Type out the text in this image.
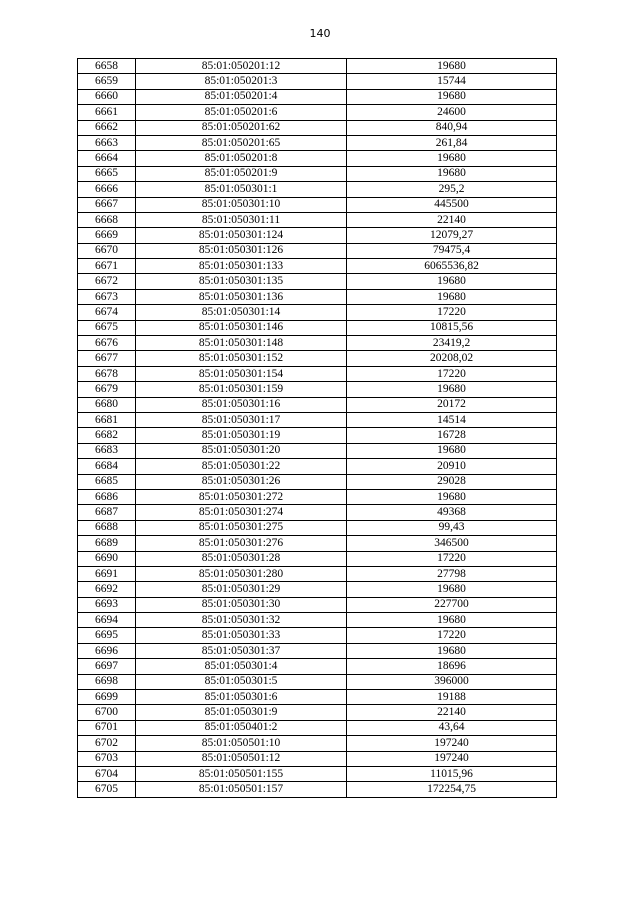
140
6658	85:01:050201:12	19680
6659	85:01:050201:3	15744
6660	85:01:050201:4	19680
6661	85:01:050201:6	24600
6662	85:01:050201:62	840,94
6663	85:01:050201:65	261,84
6664	85:01:050201:8	19680
6665	85:01:050201:9	19680
6666	85:01:050301:1	295,2
6667	85:01:050301:10	445500
6668	85:01:050301:11	22140
6669	85:01:050301:124	12079,27
6670	85:01:050301:126	79475,4
6671	85:01:050301:133	6065536,82
6672	85:01:050301:135	19680
6673	85:01:050301:136	19680
6674	85:01:050301:14	17220
6675	85:01:050301:146	10815,56
6676	85:01:050301:148	23419,2
6677	85:01:050301:152	20208,02
6678	85:01:050301:154	17220
6679	85:01:050301:159	19680
6680	85:01:050301:16	20172
6681	85:01:050301:17	14514
6682	85:01:050301:19	16728
6683	85:01:050301:20	19680
6684	85:01:050301:22	20910
6685	85:01:050301:26	29028
6686	85:01:050301:272	19680
6687	85:01:050301:274	49368
6688	85:01:050301:275	99,43
6689	85:01:050301:276	346500
6690	85:01:050301:28	17220
6691	85:01:050301:280	27798
6692	85:01:050301:29	19680
6693	85:01:050301:30	227700
6694	85:01:050301:32	19680
6695	85:01:050301:33	17220
6696	85:01:050301:37	19680
6697	85:01:050301:4	18696
6698	85:01:050301:5	396000
6699	85:01:050301:6	19188
6700	85:01:050301:9	22140
6701	85:01:050401:2	43,64
6702	85:01:050501:10	197240
6703	85:01:050501:12	197240
6704	85:01:050501:155	11015,96
6705	85:01:050501:157	172254,75
